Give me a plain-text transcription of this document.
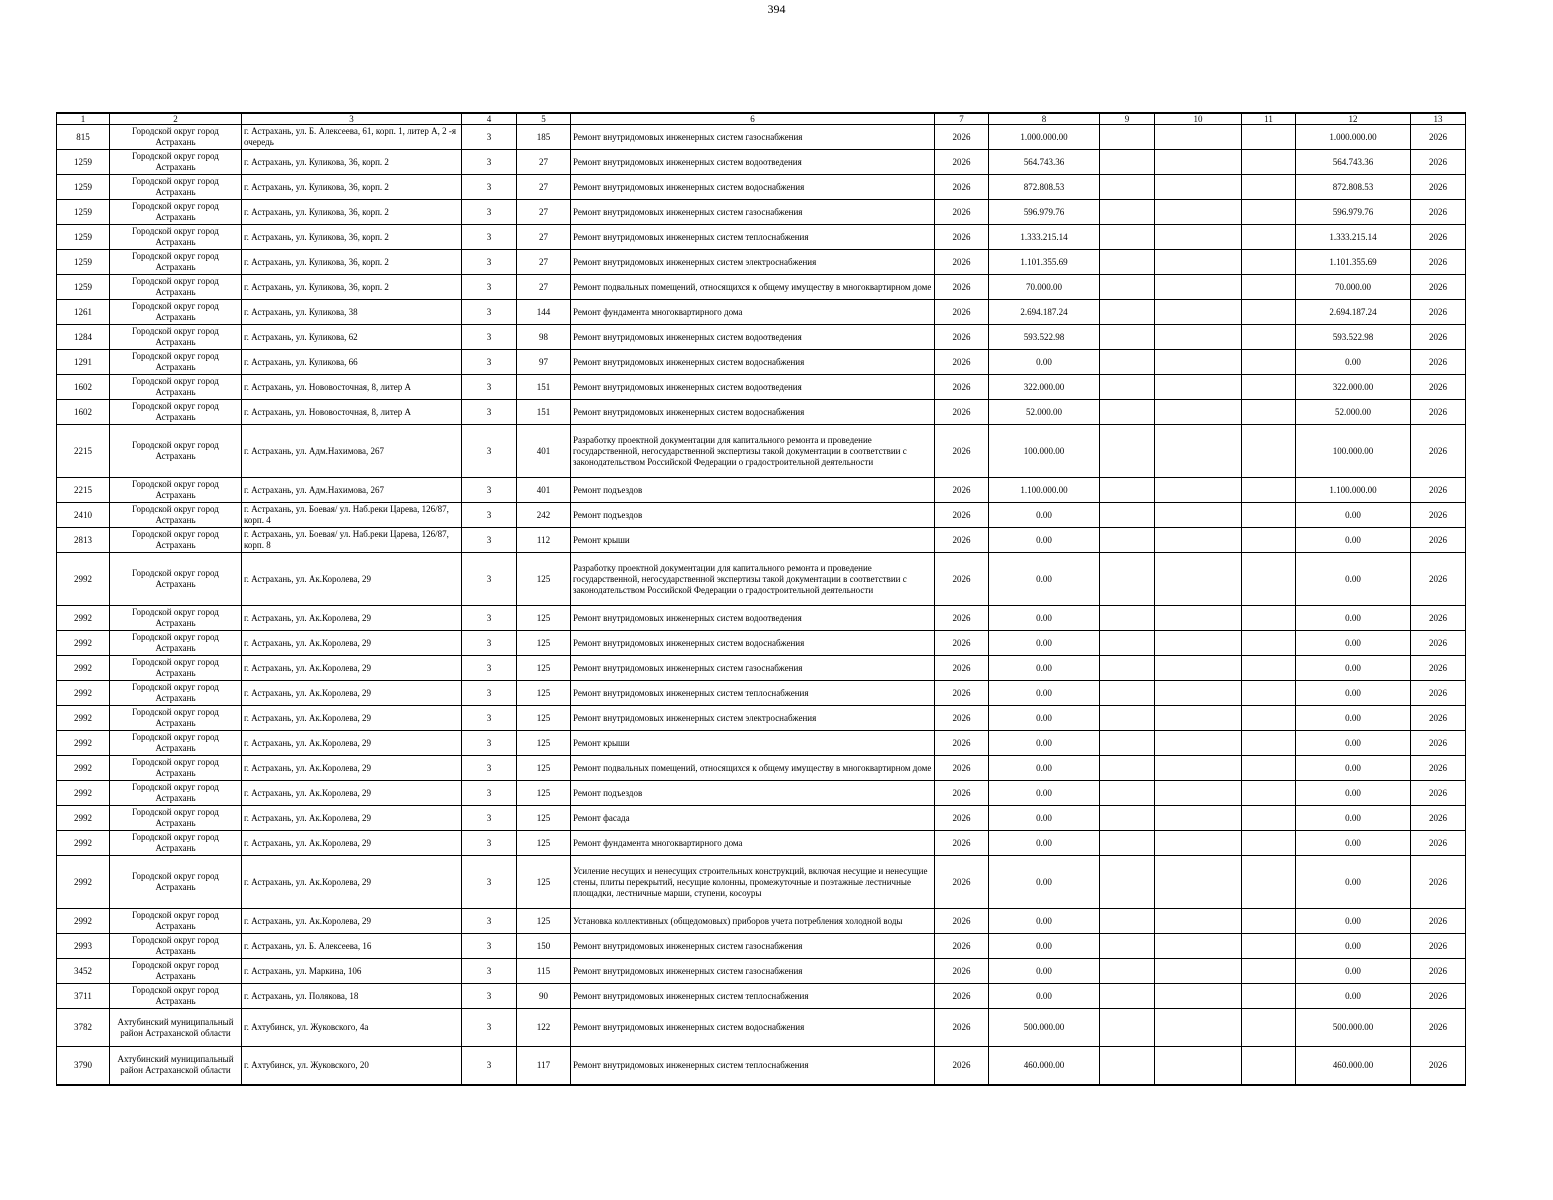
394
1	2	3	4	5	6	7	8	9	10	11	12	13
815	Городской округ город Астрахань	г. Астрахань, ул. Б. Алексеева, 61, корп. 1, литер А, 2 -я очередь	3	185	Ремонт внутридомовых инженерных систем газоснабжения	2026	1.000.000.00				1.000.000.00	2026
1259	Городской округ город Астрахань	г. Астрахань, ул. Куликова, 36, корп. 2	3	27	Ремонт внутридомовых инженерных систем водоотведения	2026	564.743.36				564.743.36	2026
1259	Городской округ город Астрахань	г. Астрахань, ул. Куликова, 36, корп. 2	3	27	Ремонт внутридомовых инженерных систем водоснабжения	2026	872.808.53				872.808.53	2026
1259	Городской округ город Астрахань	г. Астрахань, ул. Куликова, 36, корп. 2	3	27	Ремонт внутридомовых инженерных систем газоснабжения	2026	596.979.76				596.979.76	2026
1259	Городской округ город Астрахань	г. Астрахань, ул. Куликова, 36, корп. 2	3	27	Ремонт внутридомовых инженерных систем теплоснабжения	2026	1.333.215.14				1.333.215.14	2026
1259	Городской округ город Астрахань	г. Астрахань, ул. Куликова, 36, корп. 2	3	27	Ремонт внутридомовых инженерных систем электроснабжения	2026	1.101.355.69				1.101.355.69	2026
1259	Городской округ город Астрахань	г. Астрахань, ул. Куликова, 36, корп. 2	3	27	Ремонт подвальных помещений, относящихся к общему имуществу в многоквартирном доме	2026	70.000.00				70.000.00	2026
1261	Городской округ город Астрахань	г. Астрахань, ул. Куликова, 38	3	144	Ремонт фундамента многоквартирного дома	2026	2.694.187.24				2.694.187.24	2026
1284	Городской округ город Астрахань	г. Астрахань, ул. Куликова, 62	3	98	Ремонт внутридомовых инженерных систем водоотведения	2026	593.522.98				593.522.98	2026
1291	Городской округ город Астрахань	г. Астрахань, ул. Куликова, 66	3	97	Ремонт внутридомовых инженерных систем водоснабжения	2026	0.00				0.00	2026
1602	Городской округ город Астрахань	г. Астрахань, ул. Нововосточная, 8, литер А	3	151	Ремонт внутридомовых инженерных систем водоотведения	2026	322.000.00				322.000.00	2026
1602	Городской округ город Астрахань	г. Астрахань, ул. Нововосточная, 8, литер А	3	151	Ремонт внутридомовых инженерных систем водоснабжения	2026	52.000.00				52.000.00	2026
2215	Городской округ город Астрахань	г. Астрахань, ул. Адм.Нахимова, 267	3	401	Разработку проектной документации для капитального ремонта и проведение государственной, негосударственной экспертизы такой документации в соответствии с законодательством Российской Федерации о градостроительной деятельности	2026	100.000.00				100.000.00	2026
2215	Городской округ город Астрахань	г. Астрахань, ул. Адм.Нахимова, 267	3	401	Ремонт подъездов	2026	1.100.000.00				1.100.000.00	2026
2410	Городской округ город Астрахань	г. Астрахань, ул. Боевая/ ул. Наб.реки Царева, 126/87, корп. 4	3	242	Ремонт подъездов	2026	0.00				0.00	2026
2813	Городской округ город Астрахань	г. Астрахань, ул. Боевая/ ул. Наб.реки Царева, 126/87, корп. 8	3	112	Ремонт крыши	2026	0.00				0.00	2026
2992	Городской округ город Астрахань	г. Астрахань, ул. Ак.Королева, 29	3	125	Разработку проектной документации для капитального ремонта и проведение государственной, негосударственной экспертизы такой документации в соответствии с законодательством Российской Федерации о градостроительной деятельности	2026	0.00				0.00	2026
2992	Городской округ город Астрахань	г. Астрахань, ул. Ак.Королева, 29	3	125	Ремонт внутридомовых инженерных систем водоотведения	2026	0.00				0.00	2026
2992	Городской округ город Астрахань	г. Астрахань, ул. Ак.Королева, 29	3	125	Ремонт внутридомовых инженерных систем водоснабжения	2026	0.00				0.00	2026
2992	Городской округ город Астрахань	г. Астрахань, ул. Ак.Королева, 29	3	125	Ремонт внутридомовых инженерных систем газоснабжения	2026	0.00				0.00	2026
2992	Городской округ город Астрахань	г. Астрахань, ул. Ак.Королева, 29	3	125	Ремонт внутридомовых инженерных систем теплоснабжения	2026	0.00				0.00	2026
2992	Городской округ город Астрахань	г. Астрахань, ул. Ак.Королева, 29	3	125	Ремонт внутридомовых инженерных систем электроснабжения	2026	0.00				0.00	2026
2992	Городской округ город Астрахань	г. Астрахань, ул. Ак.Королева, 29	3	125	Ремонт крыши	2026	0.00				0.00	2026
2992	Городской округ город Астрахань	г. Астрахань, ул. Ак.Королева, 29	3	125	Ремонт подвальных помещений, относящихся к общему имуществу в многоквартирном доме	2026	0.00				0.00	2026
2992	Городской округ город Астрахань	г. Астрахань, ул. Ак.Королева, 29	3	125	Ремонт подъездов	2026	0.00				0.00	2026
2992	Городской округ город Астрахань	г. Астрахань, ул. Ак.Королева, 29	3	125	Ремонт фасада	2026	0.00				0.00	2026
2992	Городской округ город Астрахань	г. Астрахань, ул. Ак.Королева, 29	3	125	Ремонт фундамента многоквартирного дома	2026	0.00				0.00	2026
2992	Городской округ город Астрахань	г. Астрахань, ул. Ак.Королева, 29	3	125	Усиление несущих и ненесущих строительных конструкций, включая несущие и ненесущие стены, плиты перекрытий, несущие колонны, промежуточные и поэтажные лестничные площадки, лестничные марши, ступени, косоуры	2026	0.00				0.00	2026
2992	Городской округ город Астрахань	г. Астрахань, ул. Ак.Королева, 29	3	125	Установка коллективных (общедомовых) приборов учета потребления холодной воды	2026	0.00				0.00	2026
2993	Городской округ город Астрахань	г. Астрахань, ул. Б. Алексеева, 16	3	150	Ремонт внутридомовых инженерных систем газоснабжения	2026	0.00				0.00	2026
3452	Городской округ город Астрахань	г. Астрахань, ул. Маркина, 106	3	115	Ремонт внутридомовых инженерных систем газоснабжения	2026	0.00				0.00	2026
3711	Городской округ город Астрахань	г. Астрахань, ул. Полякова, 18	3	90	Ремонт внутридомовых инженерных систем теплоснабжения	2026	0.00				0.00	2026
3782	Ахтубинский муниципальный район Астраханской области	г. Ахтубинск, ул. Жуковского, 4а	3	122	Ремонт внутридомовых инженерных систем водоснабжения	2026	500.000.00				500.000.00	2026
3790	Ахтубинский муниципальный район Астраханской области	г. Ахтубинск, ул. Жуковского, 20	3	117	Ремонт внутридомовых инженерных систем теплоснабжения	2026	460.000.00				460.000.00	2026
